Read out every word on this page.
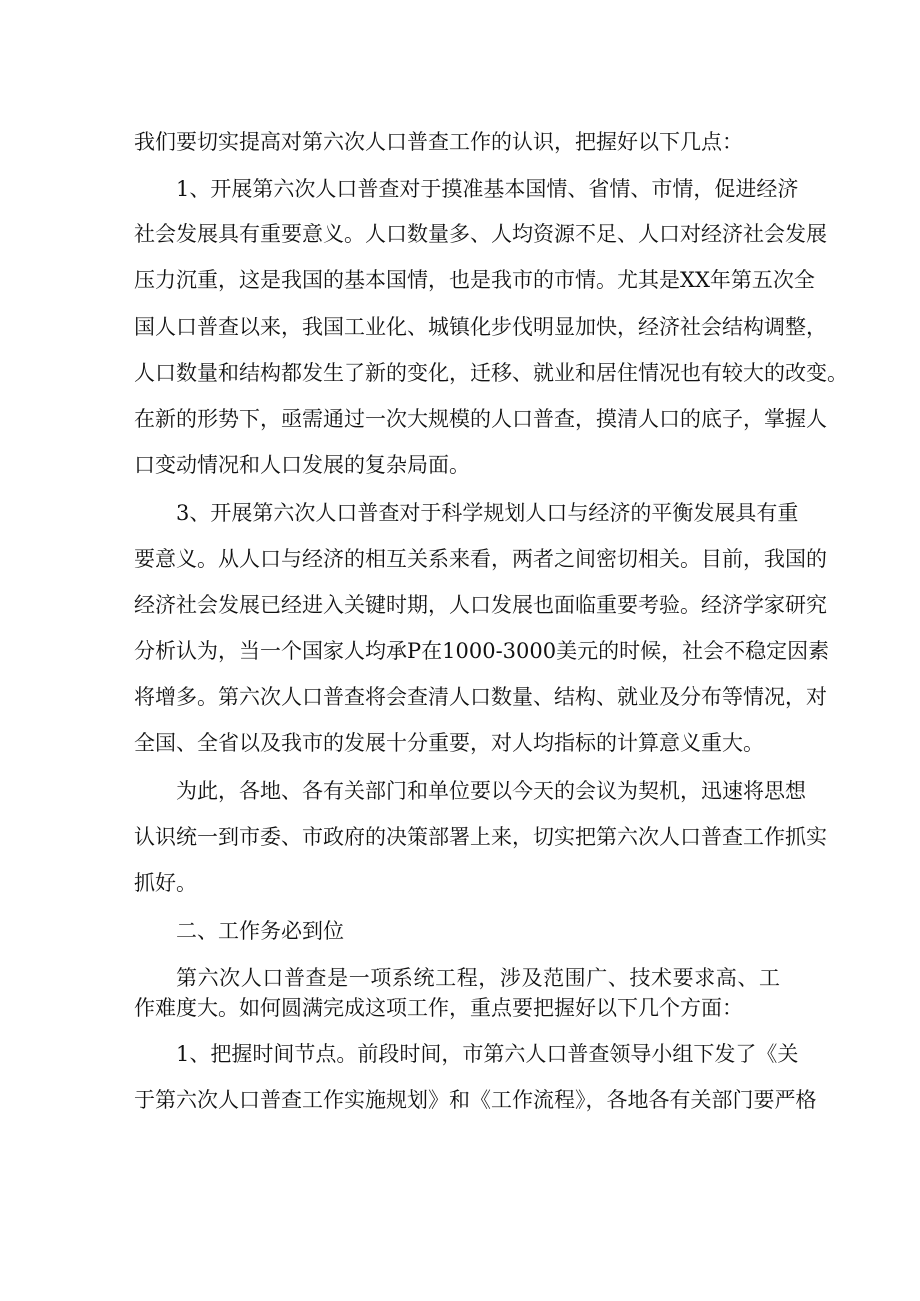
我们要切实提高对第六次人口普查工作的认识，把握好以下几点：
1、开展第六次人口普查对于摸准基本国情、省情、市情，促进经济
社会发展具有重要意义。人口数量多、人均资源不足、人口对经济社会发展
压力沉重，这是我国的基本国情，也是我市的市情。尤其是XX年第五次全
国人口普查以来，我国工业化、城镇化步伐明显加快，经济社会结构调整，
人口数量和结构都发生了新的变化，迁移、就业和居住情况也有较大的改变。
在新的形势下，亟需通过一次大规模的人口普查，摸清人口的底子，掌握人
口变动情况和人口发展的复杂局面。
3、开展第六次人口普查对于科学规划人口与经济的平衡发展具有重
要意义。从人口与经济的相互关系来看，两者之间密切相关。目前，我国的
经济社会发展已经进入关键时期，人口发展也面临重要考验。经济学家研究
分析认为，当一个国家人均承P在1000-3000美元的时候，社会不稳定因素
将增多。第六次人口普查将会查清人口数量、结构、就业及分布等情况，对
全国、全省以及我市的发展十分重要，对人均指标的计算意义重大。
为此，各地、各有关部门和单位要以今天的会议为契机，迅速将思想
认识统一到市委、市政府的决策部署上来，切实把第六次人口普查工作抓实
抓好。
二、工作务必到位
第六次人口普查是一项系统工程，涉及范围广、技术要求高、工
作难度大。如何圆满完成这项工作，重点要把握好以下几个方面：
1、把握时间节点。前段时间，市第六人口普查领导小组下发了《关
于第六次人口普查工作实施规划》和《工作流程》，各地各有关部门要严格
